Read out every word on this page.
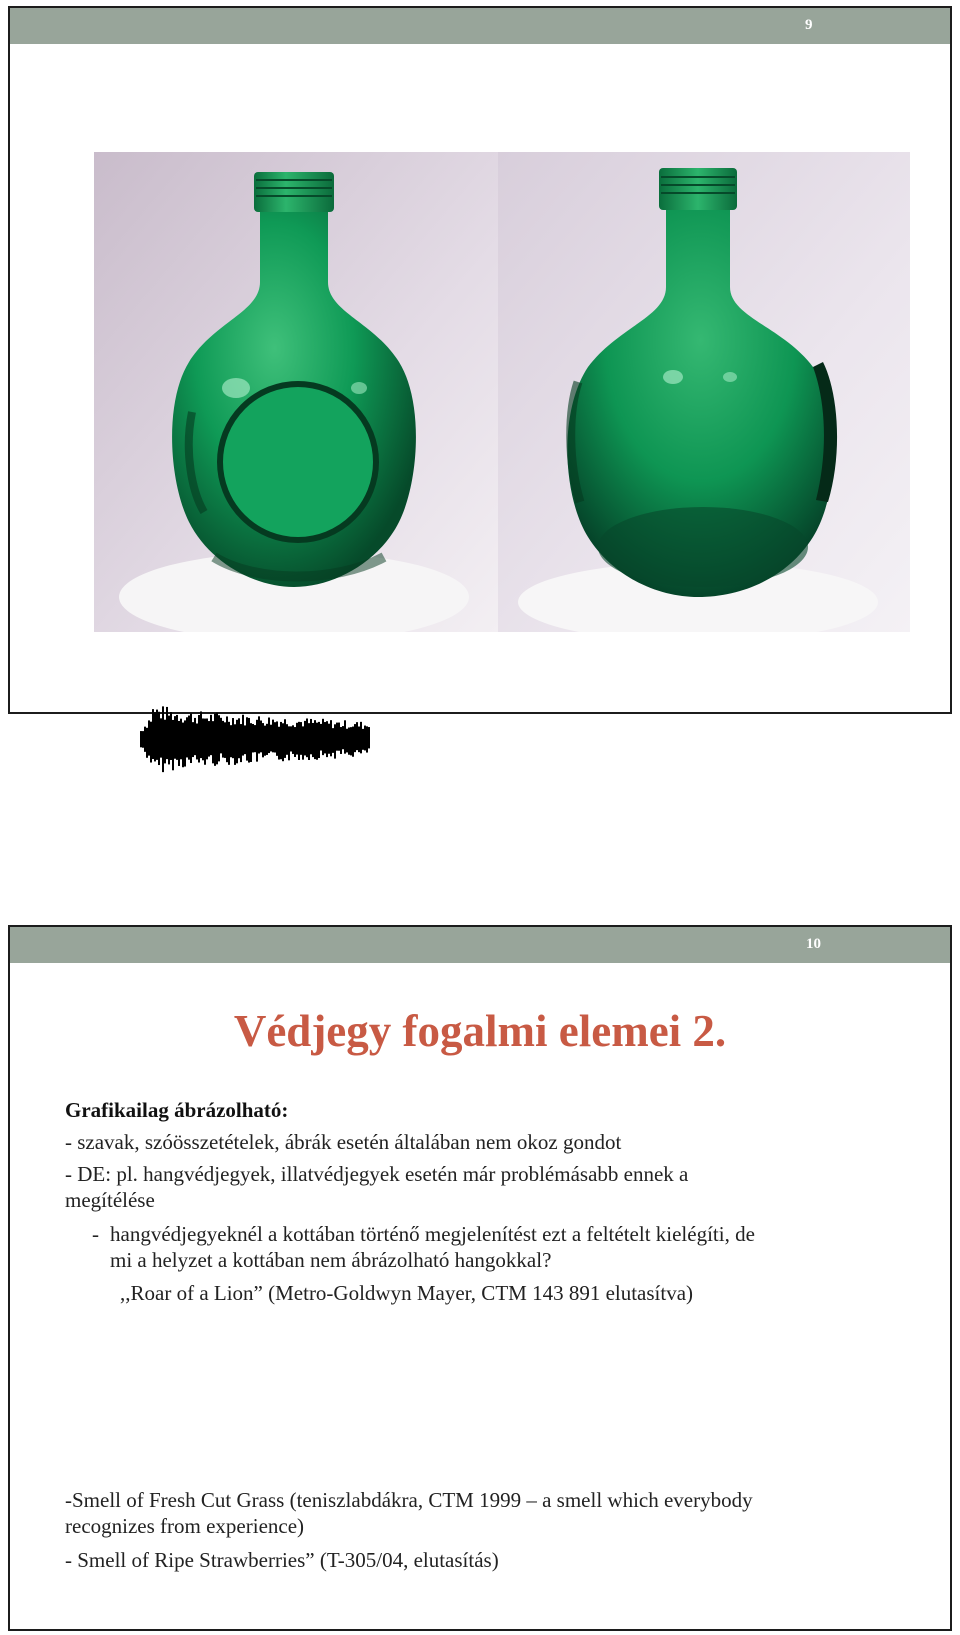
9
10
Védjegy fogalmi elemei 2.
Grafikailag ábrázolható:
- szavak, szóösszetételek, ábrák esetén általában nem okoz gondot
- DE: pl. hangvédjegyek, illatvédjegyek esetén már problémásabb ennek a
megítélése
- hangvédjegyeknél a kottában történő megjelenítést ezt a feltételt kielégíti, de
mi a helyzet a kottában nem ábrázolható hangokkal?
,,Roar of a Lion” (Metro-Goldwyn Mayer, CTM 143 891 elutasítva)
-Smell of Fresh Cut Grass (teniszlabdákra, CTM 1999 – a smell which everybody
recognizes from experience)
- Smell of Ripe Strawberries” (T-305/04, elutasítás)
